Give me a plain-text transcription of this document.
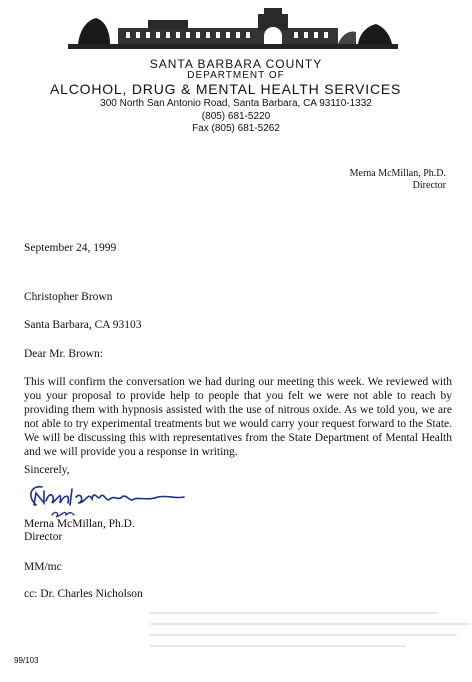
SANTA BARBARA COUNTY
DEPARTMENT OF
ALCOHOL, DRUG & MENTAL HEALTH SERVICES
300 North San Antonio Road, Santa Barbara, CA 93110-1332
(805) 681-5220
Fax (805) 681-5262
Merna McMillan, Ph.D.
Director
September 24, 1999
Christopher Brown
Santa Barbara, CA 93103
Dear Mr. Brown:
This will confirm the conversation we had during our meeting this week. We reviewed with you your proposal to provide help to people that you felt we were not able to reach by providing them with hypnosis assisted with the use of nitrous oxide. As we told you, we are not able to try experimental treatments but we would carry your request forward to the State. We will be discussing this with representatives from the State Department of Mental Health and we will provide you a response in writing.
Sincerely,
Merna McMillan, Ph.D.
Director
MM/mc
cc: Dr. Charles Nicholson
99/103
